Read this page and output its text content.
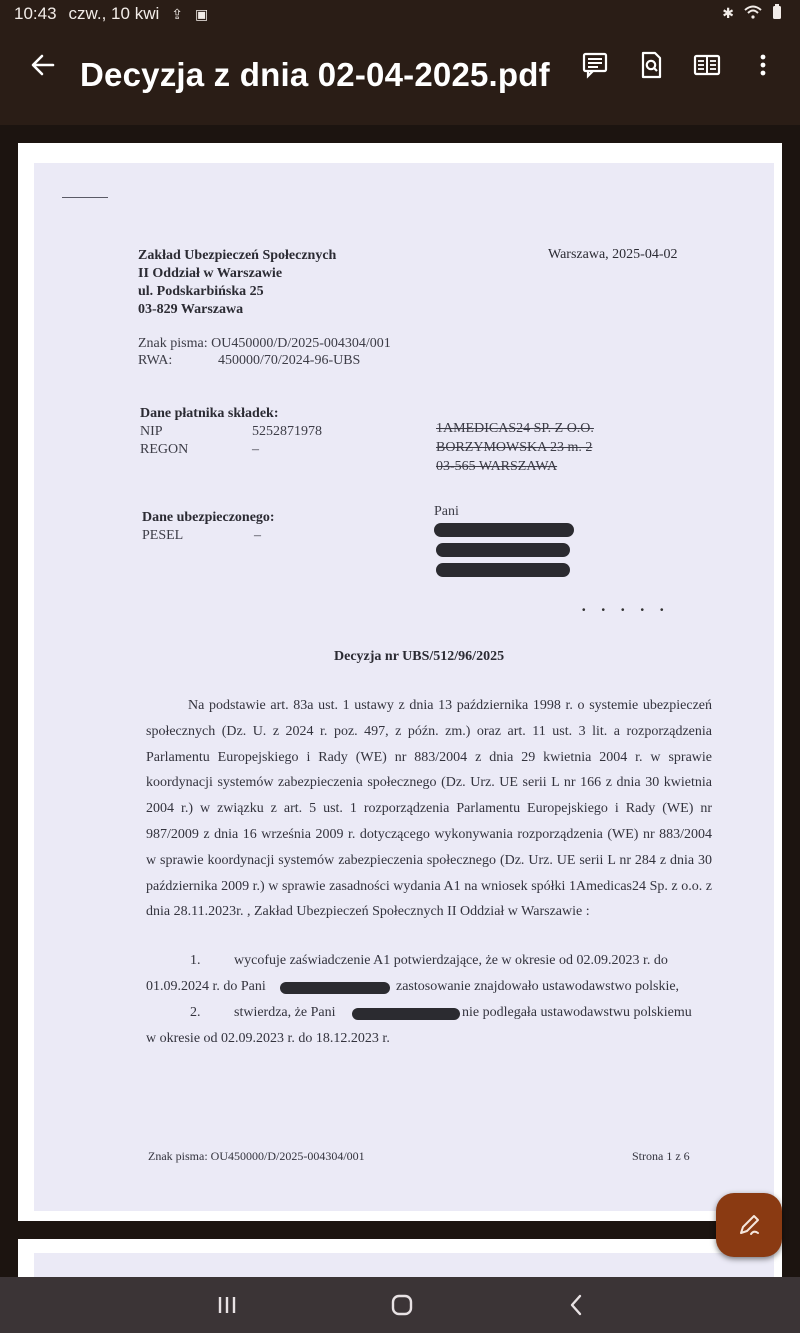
10:43 czw., 10 kwi ⇪ ▣	✱
Decyzja z dnia 02-04-2025.pdf
Zakład Ubezpieczeń Społecznych
II Oddział w Warszawie
ul. Podskarbińska 25
03-829 Warszawa
Warszawa, 2025-04-02
Znak pisma:
OU450000/D/2025-004304/001
RWA:	450000/70/2024-96-UBS
Dane płatnika składek:
NIP	5252871978
REGON	–
1AMEDICAS24 SP. Z O.O.
BORZYMOWSKA 23 m. 2
03-565 WARSZAWA
Dane ubezpieczonego:
PESEL	–
Pani
•••••
Decyzja nr UBS/512/96/2025
Na podstawie art. 83a ust. 1 ustawy z dnia 13 października 1998 r. o systemie ubezpieczeń społecznych (Dz. U. z 2024 r. poz. 497, z późn. zm.) oraz art. 11 ust. 3 lit. a rozporządzenia Parlamentu Europejskiego i Rady (WE) nr 883/2004 z dnia 29 kwietnia 2004 r. w sprawie koordynacji systemów zabezpieczenia społecznego (Dz. Urz. UE serii L nr 166 z dnia 30 kwietnia 2004 r.) w związku z art. 5 ust. 1 rozporządzenia Parlamentu Europejskiego i Rady (WE) nr 987/2009 z dnia 16 września 2009 r. dotyczącego wykonywania rozporządzenia (WE) nr 883/2004 w sprawie koordynacji systemów zabezpieczenia społecznego (Dz. Urz. UE serii L nr 284 z dnia 30 października 2009 r.) w sprawie zasadności wydania A1 na wniosek spółki 1Amedicas24 Sp. z o.o. z dnia 28.11.2023r. , Zakład Ubezpieczeń Społecznych II Oddział w Warszawie :
1. wycofuje zaświadczenie A1 potwierdzające, że w okresie od 02.09.2023 r. do
01.09.2024 r. do Pani	zastosowanie znajdowało ustawodawstwo polskie,
2. stwierdza, że Pani	nie podlegała ustawodawstwu polskiemu
w okresie od 02.09.2023 r. do 18.12.2023 r.
Znak pisma: OU450000/D/2025-004304/001	Strona 1 z 6
